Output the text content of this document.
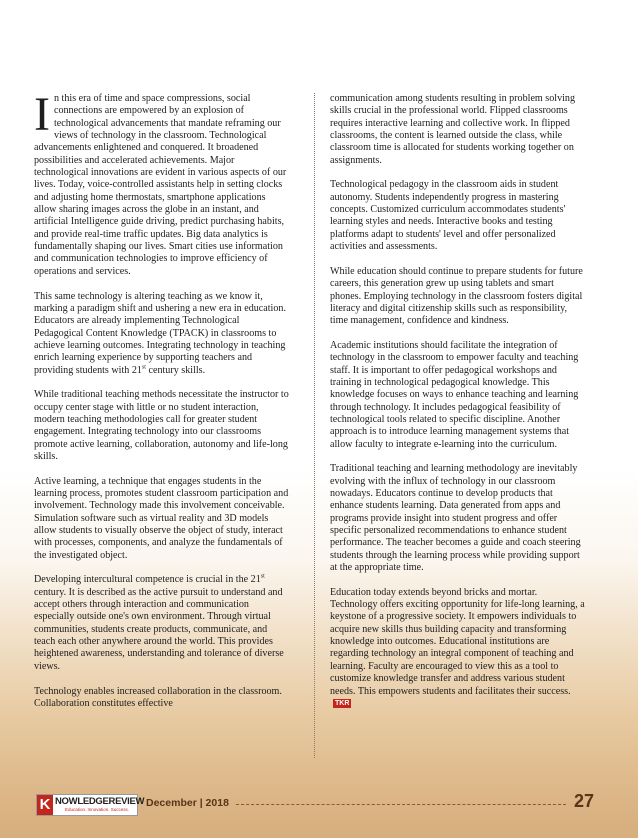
In this era of time and space compressions, social connections are empowered by an explosion of technological advancements that mandate reframing our views of technology in the classroom. Technological advancements enlightened and conquered. It broadened possibilities and accelerated achievements. Major technological innovations are evident in various aspects of our lives. Today, voice-controlled assistants help in setting clocks and adjusting home thermostats, smartphone applications allow sharing images across the globe in an instant, and artificial Intelligence guide driving, predict purchasing habits, and provide real-time traffic updates. Big data analytics is fundamentally shaping our lives. Smart cities use information and communication technologies to improve efficiency of operations and services.

This same technology is altering teaching as we know it, marking a paradigm shift and ushering a new era in education. Educators are already implementing Technological Pedagogical Content Knowledge (TPACK) in classrooms to achieve learning outcomes. Integrating technology in teaching enrich learning experience by supporting teachers and providing students with 21st century skills.

While traditional teaching methods necessitate the instructor to occupy center stage with little or no student interaction, modern teaching methodologies call for greater student engagement. Integrating technology into our classrooms promote active learning, collaboration, autonomy and life-long skills.

Active learning, a technique that engages students in the learning process, promotes student classroom participation and involvement. Technology made this involvement conceivable. Simulation software such as virtual reality and 3D models allow students to visually observe the object of study, interact with processes, components, and analyze the fundamentals of the investigated object.

Developing intercultural competence is crucial in the 21st century. It is described as the active pursuit to understand and accept others through interaction and communication especially outside one's own environment. Through virtual communities, students create products, communicate, and teach each other anywhere around the world. This provides heightened awareness, understanding and tolerance of diverse views.

Technology enables increased collaboration in the classroom. Collaboration constitutes effective

communication among students resulting in problem solving skills crucial in the professional world. Flipped classrooms requires interactive learning and collective work. In flipped classrooms, the content is learned outside the class, while classroom time is allocated for students working together on assignments.

Technological pedagogy in the classroom aids in student autonomy. Students independently progress in mastering concepts. Customized curriculum accommodates students' learning styles and needs. Interactive books and testing platforms adapt to students' level and offer personalized activities and assessments.

While education should continue to prepare students for future careers, this generation grew up using tablets and smart phones. Employing technology in the classroom fosters digital literacy and digital citizenship skills such as responsibility, time management, confidence and kindness.

Academic institutions should facilitate the integration of technology in the classroom to empower faculty and teaching staff. It is important to offer pedagogical workshops and training in technological pedagogical knowledge. This knowledge focuses on ways to enhance teaching and learning through technology. It includes pedagogical feasibility of technological tools related to specific discipline. Another approach is to introduce learning management systems that allow faculty to integrate e-learning into the curriculum.

Traditional teaching and learning methodology are inevitably evolving with the influx of technology in our classroom nowadays. Educators continue to develop products that enhance students learning. Data generated from apps and programs provide insight into student progress and offer specific personalized recommendations to enhance student performance. The teacher becomes a guide and coach steering students through the learning process while providing support at the appropriate time.

Education today extends beyond bricks and mortar. Technology offers exciting opportunity for life-long learning, a keystone of a progressive society. It empowers individuals to acquire new skills thus building capacity and transforming knowledge into outcomes. Educational institutions are regarding technology an integral component of teaching and learning. Faculty are encouraged to view this as a tool to customize knowledge transfer and address various student needs. This empowers students and facilitates their success.TKR

K NOWLEDGEREVIEW
Education. Innovation. Success.
December | 2018	27
